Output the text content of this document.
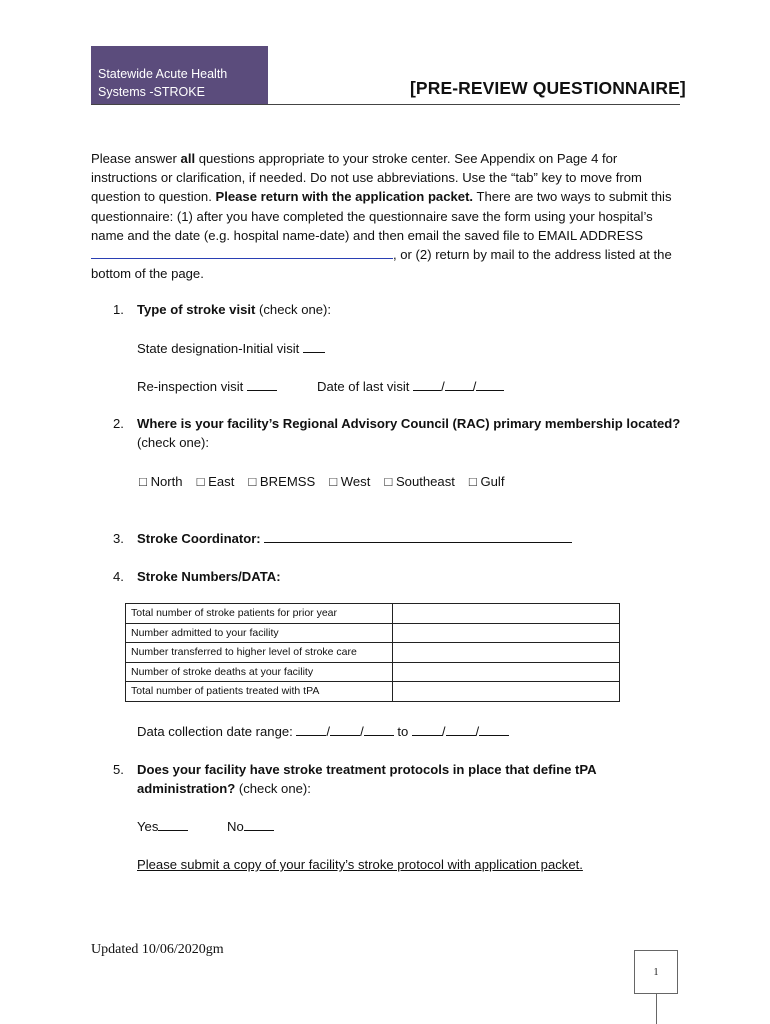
Statewide Acute Health
Systems -STROKE	[PRE-REVIEW QUESTIONNAIRE]
Please answer all questions appropriate to your stroke center. See Appendix on Page 4 for instructions or clarification, if needed. Do not use abbreviations. Use the “tab” key to move from question to question. Please return with the application packet. There are two ways to submit this questionnaire: (1) after you have completed the questionnaire save the form using your hospital’s name and the date (e.g. hospital name-date) and then email the saved file to EMAIL ADDRESS , or (2) return by mail to the address listed at the bottom of the page.
1. Type of stroke visit (check one):
State designation-Initial visit
Re-inspection visit	Date of last visit / /
2. Where is your facility’s Regional Advisory Council (RAC) primary membership located?
(check one):
□ North □ East □ BREMSS □ West □ Southeast □ Gulf
3. Stroke Coordinator:
4. Stroke Numbers/DATA:
Total number of stroke patients for prior year	
Number admitted to your facility	
Number transferred to higher level of stroke care	
Number of stroke deaths at your facility	
Total number of patients treated with tPA	
Data collection date range: / / to / /
5. Does your facility have stroke treatment protocols in place that define tPA
administration? (check one):
Yes	No
Please submit a copy of your facility’s stroke protocol with application packet.
Updated 10/06/2020gm
1
